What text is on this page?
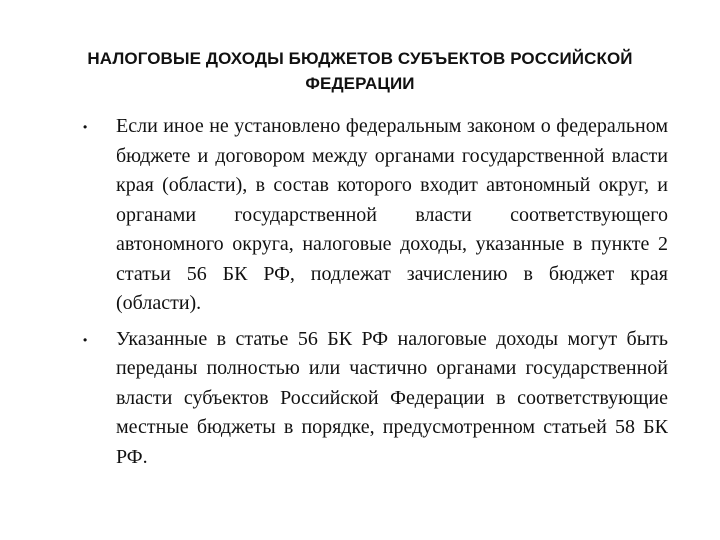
НАЛОГОВЫЕ ДОХОДЫ БЮДЖЕТОВ СУБЪЕКТОВ РОССИЙСКОЙ
ФЕДЕРАЦИИ
• Если иное не установлено федеральным законом о федеральном бюджете и договором между органами государственной власти края (области), в состав которого входит автономный округ, и органами государственной власти соответствующего автономного округа, налоговые доходы, указанные в пункте 2 статьи 56 БК РФ, подлежат зачислению в бюджет края (области).
• Указанные в статье 56 БК РФ налоговые доходы могут быть переданы полностью или частично органами государственной власти субъектов Российской Федерации в соответствующие местные бюджеты в порядке, предусмотренном статьей 58 БК РФ.
